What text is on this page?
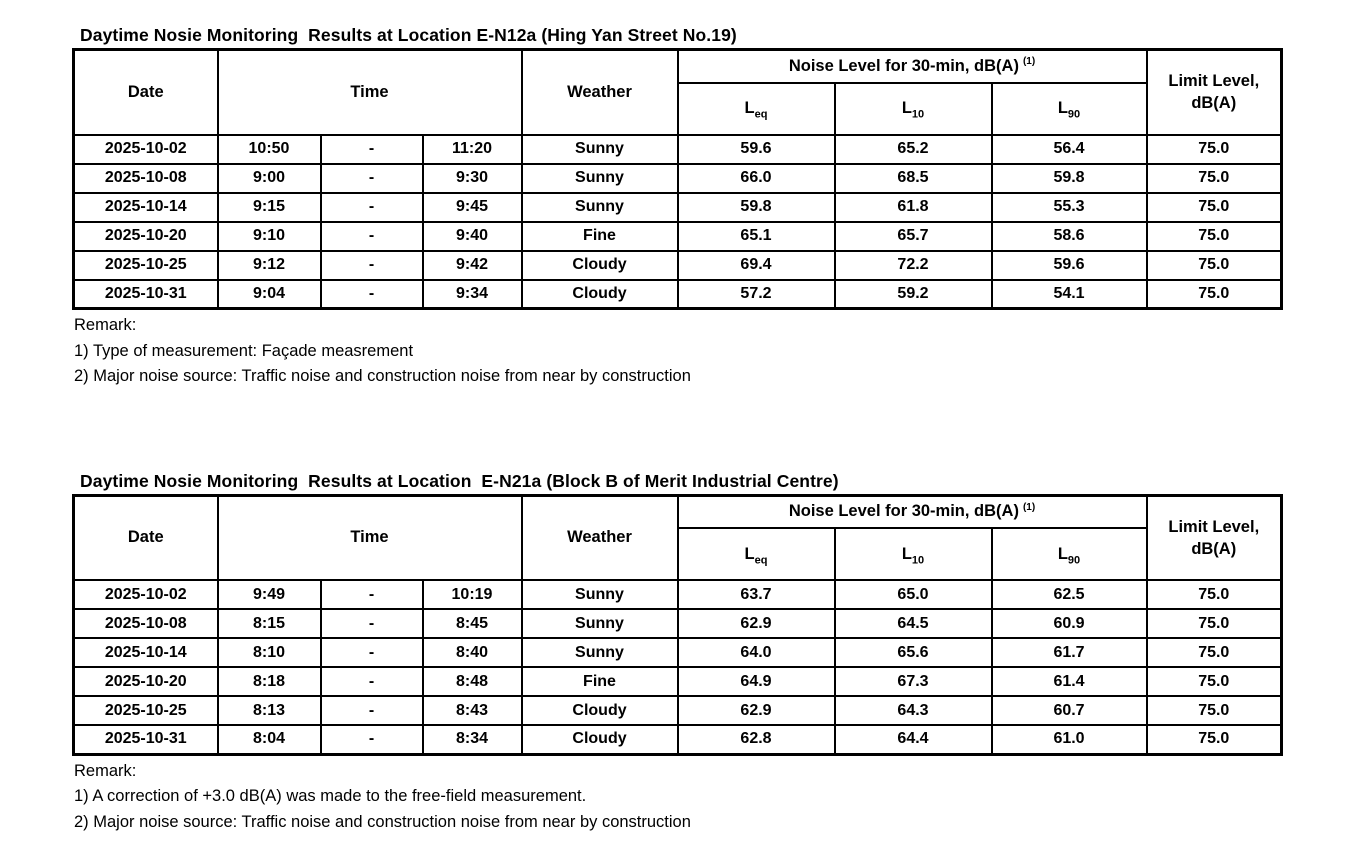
Daytime Nosie Monitoring  Results at Location E-N12a (Hing Yan Street No.19)
Date	Time			Weather	Noise Level for 30-min, dB(A) $^{(1)}$			Limit Level,
dB(A)

					$L_{eq}$	$L_{10}$	$L_{90}$
2025-10-02	10:50	-	11:20	Sunny	59.6	65.2	56.4	75.0
2025-10-08	9:00	-	9:30	Sunny	66.0	68.5	59.8	75.0
2025-10-14	9:15	-	9:45	Sunny	59.8	61.8	55.3	75.0
2025-10-20	9:10	-	9:40	Fine	65.1	65.7	58.6	75.0
2025-10-25	9:12	-	9:42	Cloudy	69.4	72.2	59.6	75.0
2025-10-31	9:04	-	9:34	Cloudy	57.2	59.2	54.1	75.0
Remark:
1) Type of measurement: Façade measrement
2) Major noise source: Traffic noise and construction noise from near by construction
Daytime Nosie Monitoring  Results at Location  E-N21a (Block B of Merit Industrial Centre)
Date	Time			Weather	Noise Level for 30-min, dB(A) $^{(1)}$			Limit Level,
dB(A)

					$L_{eq}$	$L_{10}$	$L_{90}$
2025-10-02	9:49	-	10:19	Sunny	63.7	65.0	62.5	75.0
2025-10-08	8:15	-	8:45	Sunny	62.9	64.5	60.9	75.0
2025-10-14	8:10	-	8:40	Sunny	64.0	65.6	61.7	75.0
2025-10-20	8:18	-	8:48	Fine	64.9	67.3	61.4	75.0
2025-10-25	8:13	-	8:43	Cloudy	62.9	64.3	60.7	75.0
2025-10-31	8:04	-	8:34	Cloudy	62.8	64.4	61.0	75.0
Remark:
1) A correction of +3.0 dB(A) was made to the free-field measurement.
2) Major noise source: Traffic noise and construction noise from near by construction
